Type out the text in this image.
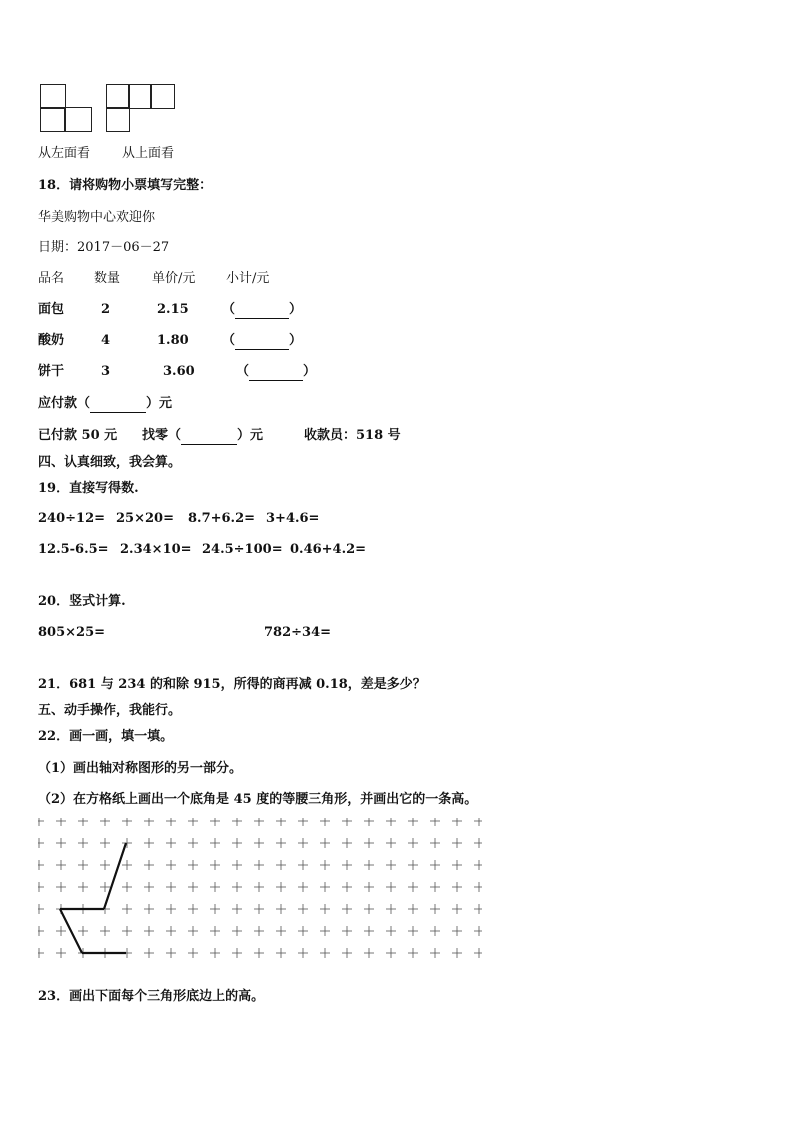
从左面看 从上面看
18．请将购物小票填写完整：
华美购物中心欢迎你
日期：2017－06－27
品名 数量 单价/元 小计/元
面包	2	2.15	（	）
酸奶	4	1.80	（	）
饼干	3	3.60	（	）
应付款（	）元
已付款 50 元 找零（	）元	收款员：518 号
四、认真细致，我会算。
19．直接写得数.
240÷12= 25×20= 8.7+6.2= 3+4.6=
12.5-6.5= 2.34×10= 24.5÷100= 0.46+4.2=
20．竖式计算.
805×25=	782÷34=
21．681 与 234 的和除 915，所得的商再减 0.18，差是多少？
五、动手操作，我能行。
22．画一画，填一填。
（1）画出轴对称图形的另一部分。
（2）在方格纸上画出一个底角是 45 度的等腰三角形，并画出它的一条高。
23．画出下面每个三角形底边上的高。
